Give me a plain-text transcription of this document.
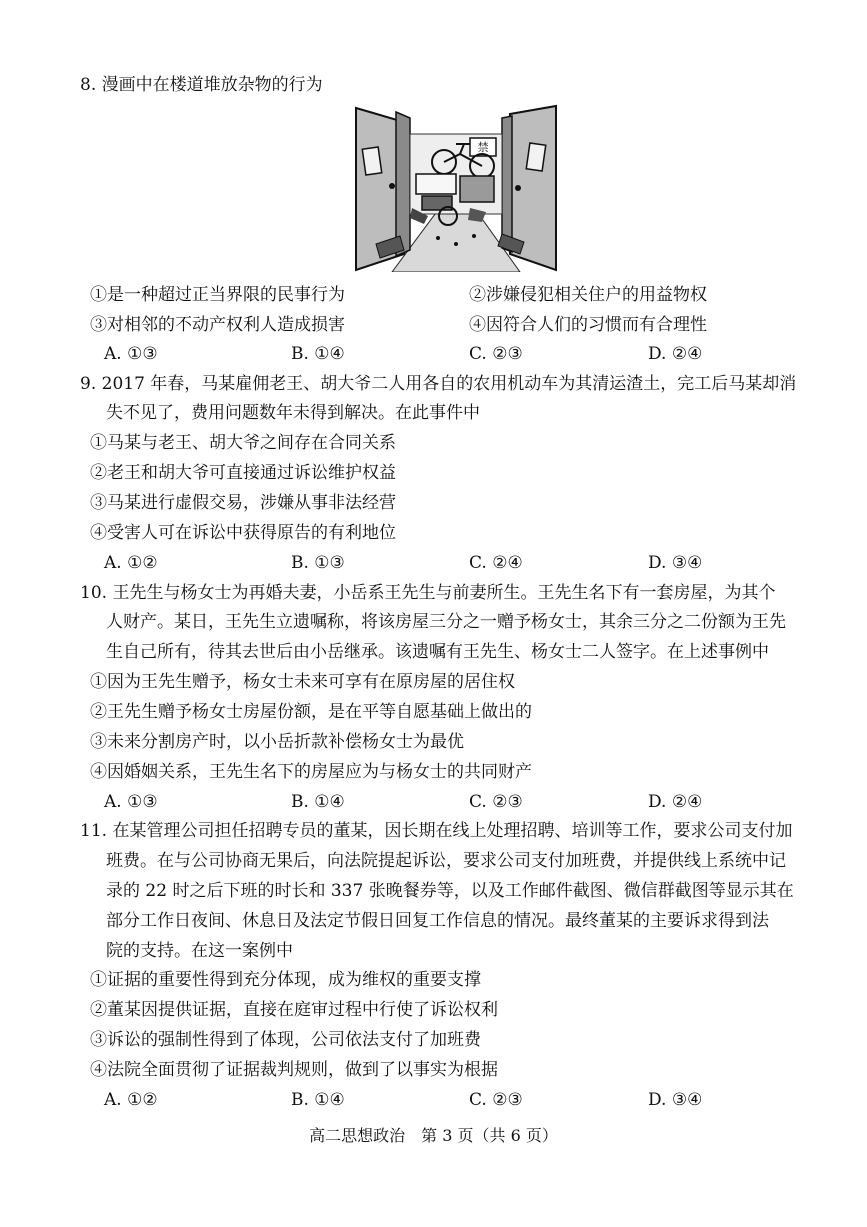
8. 漫画中在楼道堆放杂物的行为
禁
①是一种超过正当界限的民事行为	②涉嫌侵犯相关住户的用益物权
③对相邻的不动产权利人造成损害	④因符合人们的习惯而有合理性
A. ①③	B. ①④	C. ②③	D. ②④
9. 2017 年春，马某雇佣老王、胡大爷二人用各自的农用机动车为其清运渣土，完工后马某却消
失不见了，费用问题数年未得到解决。在此事件中
①马某与老王、胡大爷之间存在合同关系
②老王和胡大爷可直接通过诉讼维护权益
③马某进行虚假交易，涉嫌从事非法经营
④受害人可在诉讼中获得原告的有利地位
A. ①②	B. ①③	C. ②④	D. ③④
10. 王先生与杨女士为再婚夫妻，小岳系王先生与前妻所生。王先生名下有一套房屋，为其个
人财产。某日，王先生立遗嘱称，将该房屋三分之一赠予杨女士，其余三分之二份额为王先
生自己所有，待其去世后由小岳继承。该遗嘱有王先生、杨女士二人签字。在上述事例中
①因为王先生赠予，杨女士未来可享有在原房屋的居住权
②王先生赠予杨女士房屋份额，是在平等自愿基础上做出的
③未来分割房产时，以小岳折款补偿杨女士为最优
④因婚姻关系，王先生名下的房屋应为与杨女士的共同财产
A. ①③	B. ①④	C. ②③	D. ②④
11. 在某管理公司担任招聘专员的董某，因长期在线上处理招聘、培训等工作，要求公司支付加
班费。在与公司协商无果后，向法院提起诉讼，要求公司支付加班费，并提供线上系统中记
录的 22 时之后下班的时长和 337 张晚餐券等，以及工作邮件截图、微信群截图等显示其在
部分工作日夜间、休息日及法定节假日回复工作信息的情况。最终董某的主要诉求得到法
院的支持。在这一案例中
①证据的重要性得到充分体现，成为维权的重要支撑
②董某因提供证据，直接在庭审过程中行使了诉讼权利
③诉讼的强制性得到了体现，公司依法支付了加班费
④法院全面贯彻了证据裁判规则，做到了以事实为根据
A. ①②	B. ①④	C. ②③	D. ③④
高二思想政治　第 3 页（共 6 页）
